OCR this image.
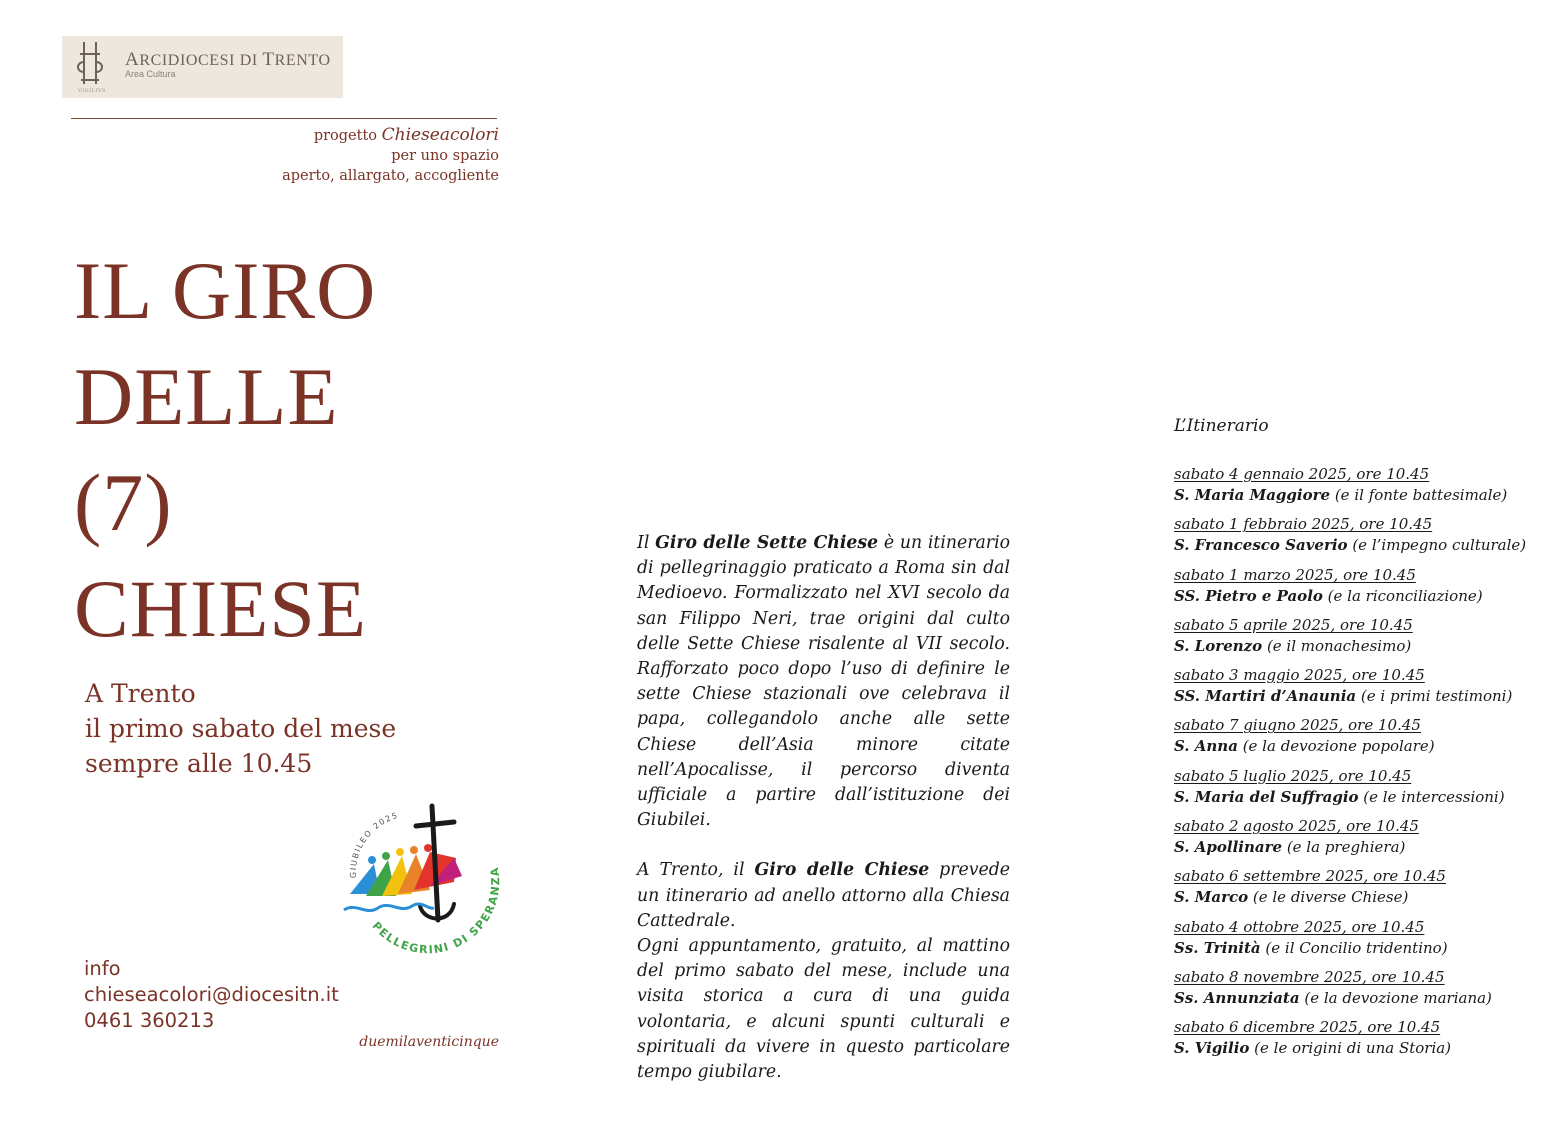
VIGILIVS
ARCIDIOCESI DI TRENTO
Area Cultura
progetto Chieseacolori
per uno spazio
aperto, allargato, accogliente
IL GIRO
DELLE
(7)
CHIESE
A Trento
il primo sabato del mese
sempre alle 10.45
GIUBILEO 2025
PELLEGRINI DI SPERANZA
info
chieseacolori@diocesitn.it
0461 360213
duemilaventicinque

Il Giro delle Sette Chiese è un itinerario di pellegrinaggio praticato a Roma sin dal Medioevo. Formalizzato nel XVI secolo da san Filippo Neri, trae origini dal culto delle Sette Chiese risalente al VII secolo. Rafforzato poco dopo l’uso di definire le sette Chiese stazionali ove celebrava il papa, collegandolo anche alle sette Chiese dell’Asia minore citate nell’Apocalisse, il percorso diventa ufficiale a partire dall’istituzione dei Giubilei.

A Trento, il Giro delle Chiese prevede un itinerario ad anello attorno alla Chiesa Cattedrale.

Ogni appuntamento, gratuito, al mattino del primo sabato del mese, include una visita storica a cura di una guida volontaria, e alcuni spunti culturali e spirituali da vivere in questo particolare tempo giubilare.

L’Itinerario
sabato 4 gennaio 2025, ore 10.45
S. Maria Maggiore (e il fonte battesimale)
sabato 1 febbraio 2025, ore 10.45
S. Francesco Saverio (e l’impegno culturale)
sabato 1 marzo 2025, ore 10.45
SS. Pietro e Paolo (e la riconciliazione)
sabato 5 aprile 2025, ore 10.45
S. Lorenzo (e il monachesimo)
sabato 3 maggio 2025, ore 10.45
SS. Martiri d’Anaunia (e i primi testimoni)
sabato 7 giugno 2025, ore 10.45
S. Anna (e la devozione popolare)
sabato 5 luglio 2025, ore 10.45
S. Maria del Suffragio (e le intercessioni)
sabato 2 agosto 2025, ore 10.45
S. Apollinare (e la preghiera)
sabato 6 settembre 2025, ore 10.45
S. Marco (e le diverse Chiese)
sabato 4 ottobre 2025, ore 10.45
Ss. Trinità (e il Concilio tridentino)
sabato 8 novembre 2025, ore 10.45
Ss. Annunziata (e la devozione mariana)
sabato 6 dicembre 2025, ore 10.45
S. Vigilio (e le origini di una Storia)
